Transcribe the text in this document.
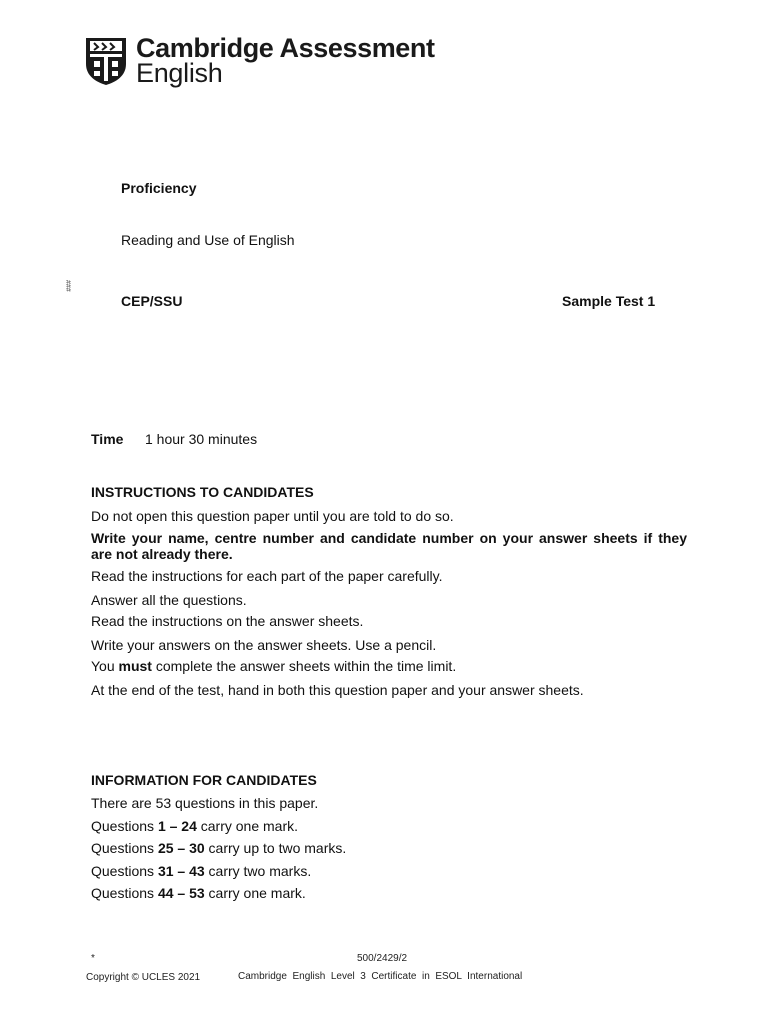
Cambridge Assessment
English
Proficiency
Reading and Use of English
CEP/SSU	Sample Test 1
###
Time 1 hour 30 minutes
INSTRUCTIONS TO CANDIDATES
Do not open this question paper until you are told to do so.
Write your name, centre number and candidate number on your answer sheets if they
are not already there.
Read the instructions for each part of the paper carefully.
Answer all the questions.
Read the instructions on the answer sheets.
Write your answers on the answer sheets. Use a pencil.
You must complete the answer sheets within the time limit.
At the end of the test, hand in both this question paper and your answer sheets.
INFORMATION FOR CANDIDATES
There are 53 questions in this paper.
Questions 1 – 24 carry one mark.
Questions 25 – 30 carry up to two marks.
Questions 31 – 43 carry two marks.
Questions 44 – 53 carry one mark.
*	500/2429/2
Copyright © UCLES 2021	Cambridge  English  Level  3  Certificate  in  ESOL  International
